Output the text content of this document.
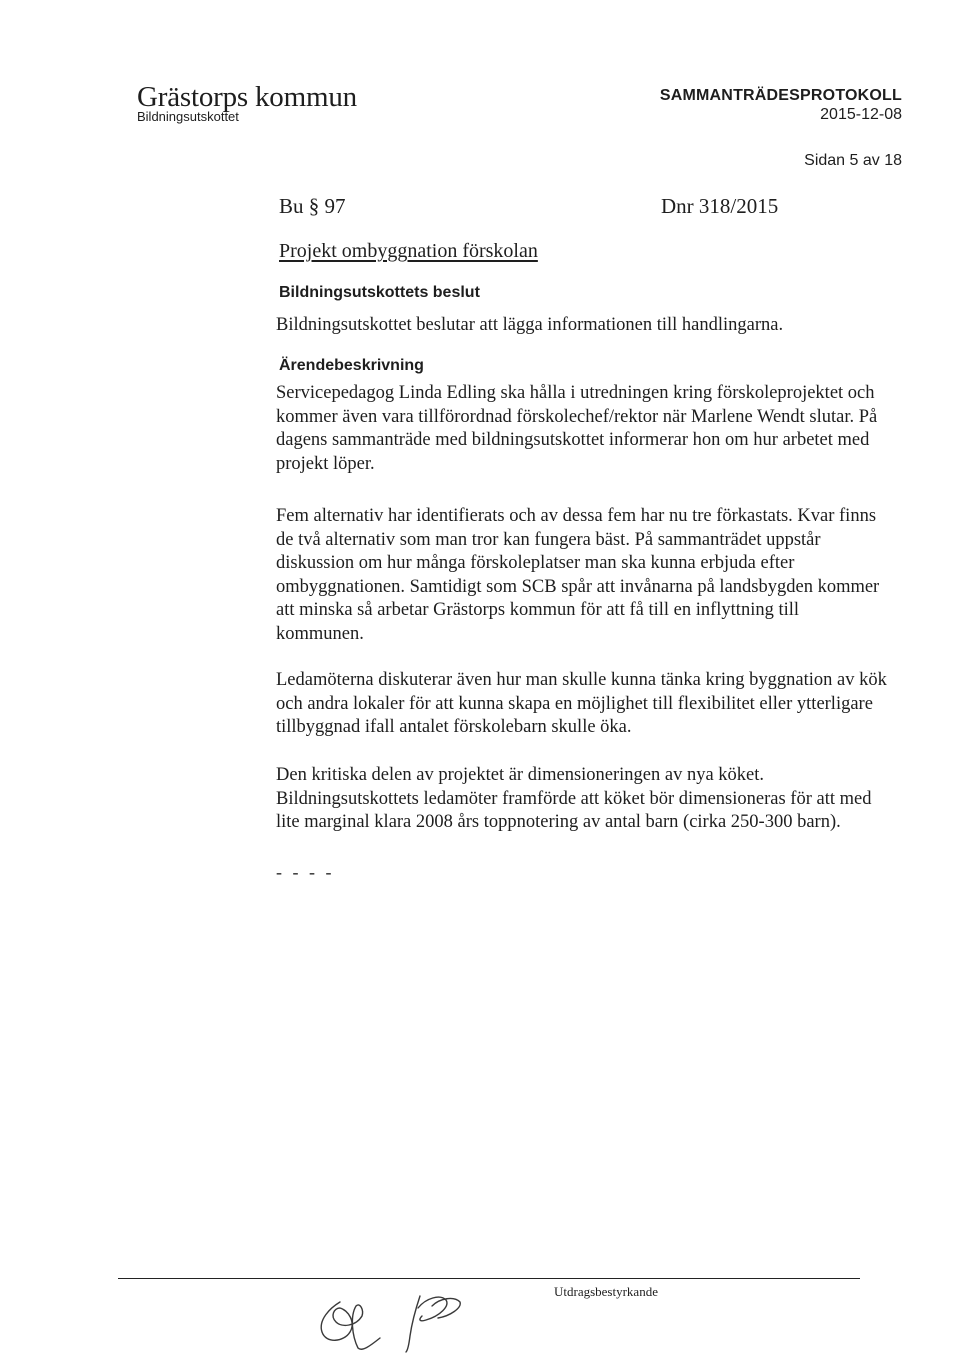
Grästorps kommun
Bildningsutskottet
SAMMANTRÄDESPROTOKOLL
2015-12-08
Sidan 5 av 18
Bu § 97	Dnr 318/2015
Projekt ombyggnation förskolan
Bildningsutskottets beslut

Bildningsutskottet beslutar att lägga informationen till handlingarna.

Ärendebeskrivning

Servicepedagog Linda Edling ska hålla i utredningen kring förskoleprojektet och kommer även vara tillförordnad förskolechef/rektor när Marlene Wendt slutar. På dagens sammanträde med bildningsutskottet informerar hon om hur arbetet med projekt löper.

Fem alternativ har identifierats och av dessa fem har nu tre förkastats. Kvar finns de två alternativ som man tror kan fungera bäst. På sammanträdet uppstår diskussion om hur många förskoleplatser man ska kunna erbjuda efter ombyggnationen. Samtidigt som SCB spår att invånarna på landsbygden kommer att minska så arbetar Grästorps kommun för att få till en inflyttning till kommunen.

Ledamöterna diskuterar även hur man skulle kunna tänka kring byggnation av kök och andra lokaler för att kunna skapa en möjlighet till flexibilitet eller ytterligare tillbyggnad ifall antalet förskolebarn skulle öka.

Den kritiska delen av projektet är dimensioneringen av nya köket. Bildningsutskottets ledamöter framförde att köket bör dimensioneras för att med lite marginal klara 2008 års toppnotering av antal barn (cirka 250-300 barn).

- - - -
Utdragsbestyrkande
